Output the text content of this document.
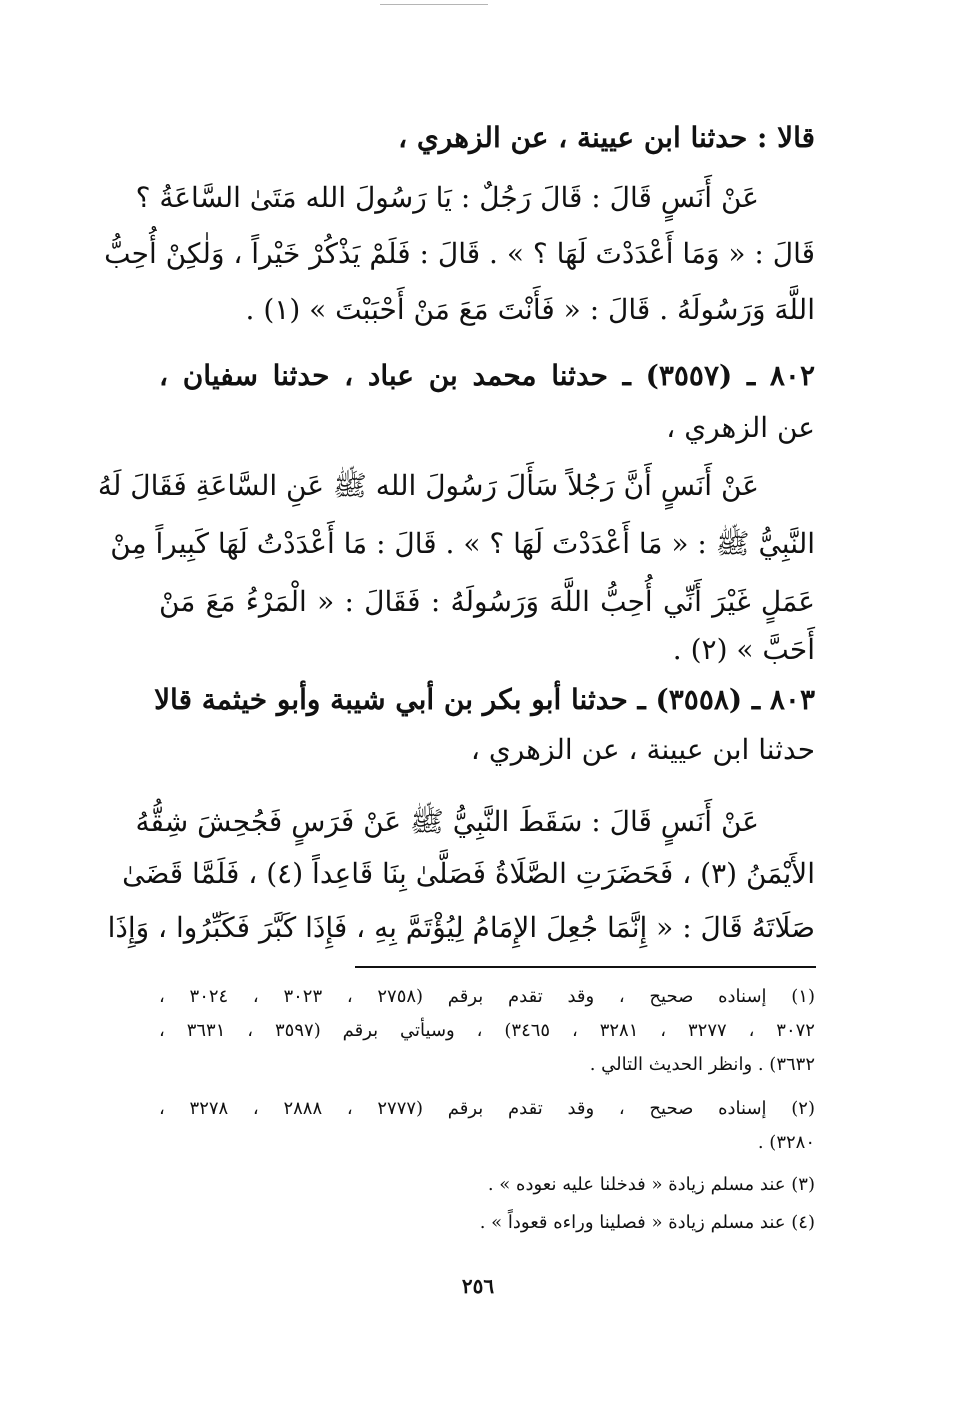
قالا : حدثنا ابن عيينة ، عن الزهري ،
عَنْ أَنَسٍ قَالَ : قَالَ رَجُلٌ : يَا رَسُولَ الله مَتَىٰ السَّاعَةُ ؟
قَالَ : « وَمَا أَعْدَدْتَ لَهَا ؟ » . قَالَ : فَلَمْ يَذْكُرْ خَيْراً ، وَلٰكِنْ أُحِبُّ
اللَّهَ وَرَسُولَهُ . قَالَ : « فَأَنْتَ مَعَ مَنْ أَحْبَبْتَ » (١) .
٨٠٢ ـ (٣٥٥٧) ـ حدثنا محمد بن عباد ، حدثنا سفيان ،
عن الزهري ،
عَنْ أَنَسٍ أَنَّ رَجُلاً سَأَلَ رَسُولَ الله ﷺ عَنِ السَّاعَةِ فَقَالَ لَهُ
النَّبِيُّ ﷺ : « مَا أَعْدَدْتَ لَهَا ؟ » . قَالَ : مَا أَعْدَدْتُ لَهَا كَبِيراً مِنْ
عَمَلٍ غَيْرَ أَنِّي أُحِبُّ اللَّهَ وَرَسُولَهُ : فَقَالَ : « الْمَرْءُ مَعَ مَنْ
أَحَبَّ » (٢) .
٨٠٣ ـ (٣٥٥٨) ـ حدثنا أبو بكر بن أبي شيبة وأبو خيثمة قالا
حدثنا ابن عيينة ، عن الزهري ،
عَنْ أَنَسٍ قَالَ : سَقَطَ النَّبِيُّ ﷺ عَنْ فَرَسٍ فَجُحِشَ شِقُّهُ
الأَيْمَنُ (٣) ، فَحَضَرَتِ الصَّلَاةُ فَصَلَّىٰ بِنَا قَاعِداً (٤) ، فَلَمَّا قَضَىٰ
صَلَاتَهُ قَالَ : « إِنَّمَا جُعِلَ الإِمَامُ لِيُؤْتَمَّ بِهِ ، فَإِذَا كَبَّرَ فَكَبِّرُوا ، وَإِذَا
(١) إسناده صحيح ، وقد تقدم برقم (٢٧٥٨ ، ٣٠٢٣ ، ٣٠٢٤ ،
٣٠٧٢ ، ٣٢٧٧ ، ٣٢٨١ ، ٣٤٦٥) ، وسيأتي برقم (٣٥٩٧ ، ٣٦٣١ ،
٣٦٣٢) . وانظر الحديث التالي .
(٢) إسناده صحيح ، وقد تقدم برقم (٢٧٧٧ ، ٢٨٨٨ ، ٣٢٧٨ ،
٣٢٨٠) .
(٣) عند مسلم زيادة « فدخلنا عليه نعوده » .
(٤) عند مسلم زيادة « فصلينا وراءه قعوداً » .
٢٥٦
